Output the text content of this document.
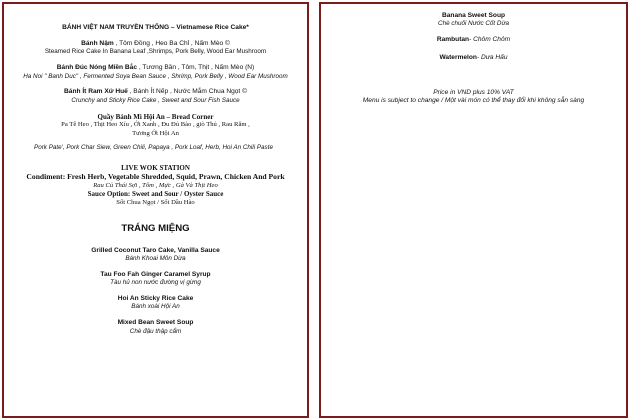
BÁNH VIỆT NAM TRUYỀN THỐNG – Vietnamese Rice Cake*

Bánh Nậm , Tôm Đồng , Heo Ba Chỉ , Nấm Mèo ©

Steamed Rice Cake In Banana Leaf ,Shrimps, Pork Belly, Wood Ear Mushroom

Bánh Đúc Nóng Miền Bắc , Tương Bần , Tôm, Thịt , Nấm Mèo (N)

Ha Noi " Banh Duc" , Fermented Soya Bean Sauce , Shrimp, Pork Belly , Wood Ear Mushroom

Bánh Ít Ram Xứ Huế , Bánh Ít Nếp , Nước Mắm Chua Ngọt ©

Crunchy and Sticky Rice Cake , Sweet and Sour Fish Sauce

Quầy Bánh Mì Hội An – Bread Corner

Pa Tê Heo , Thịt Heo Xíu , Ớt Xanh , Đu Đủ Bào , giò Thủ , Rau Răm ,

Tương Ớt Hội An

Pork Pate', Pork Char Siew, Green Chili, Papaya , Pork Loaf, Herb, Hoi An Chili Paste

LIVE WOK STATION

Condiment: Fresh Herb, Vegetable Shredded, Squid, Prawn, Chicken And Pork

Rau Củ Thái Sợi , Tôm , Mực , Gà Và Thịt Heo

Sauce Option: Sweet and Sour / Oyster Sauce

Sốt Chua Ngọt / Sốt Dầu Hào

TRÁNG MIỆNG

Grilled Coconut Taro Cake, Vanilla Sauce

Bánh Khoai Môn Dừa

Tau Foo Fah Ginger Caramel Syrup

Tàu hủ non nước đường vị gừng

Hoi An Sticky Rice Cake

Bánh xoài Hội An

Mixed Bean Sweet Soup

Chè đậu thập cẩm

Banana Sweet Soup

Chè chuối Nước Cốt Dừa

Rambutan- Chôm Chôm

Watermelon- Dưa Hấu

Price in VND plus 10% VAT

Menu is subject to change / Một vài món có thể thay đổi khi không sẵn sàng
